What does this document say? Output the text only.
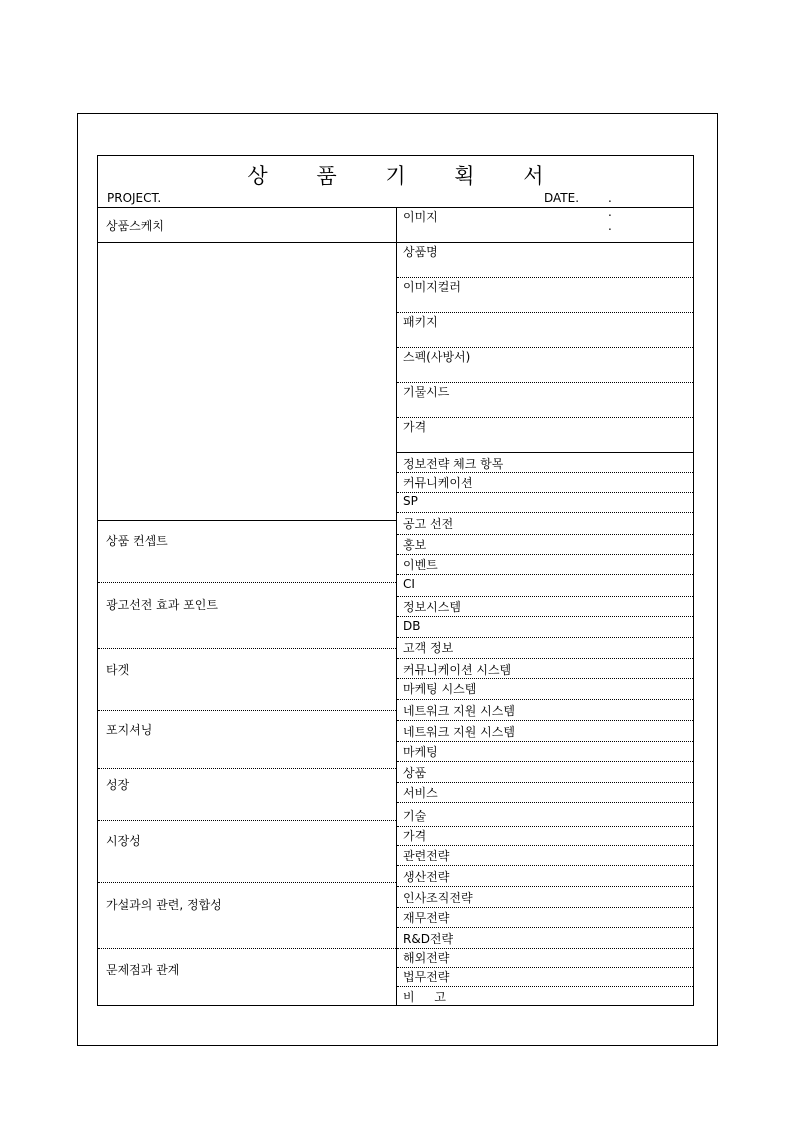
상 품 기 획 서
PROJECT.	DATE. . . .
상품스케치
상품 컨셉트
광고선전 효과 포인트
타겟
포지셔닝
성장
시장성
가설과의 관련, 정합성
문제점과 관계
이미지
상품명
이미지컬러
패키지
스펙(사방서)
기물시드
가격
정보전략 체크 항목
커뮤니케이션
SP
공고 선전
홍보
이벤트
CI
정보시스템
DB
고객 정보
커뮤니케이션 시스템
마케팅 시스템
네트워크 지원 시스템
네트워크 지원 시스템
마케팅
상품
서비스
기술
가격
관련전략
생산전략
인사조직전략
재무전략
R&D전략
해외전략
법무전략
비 고
